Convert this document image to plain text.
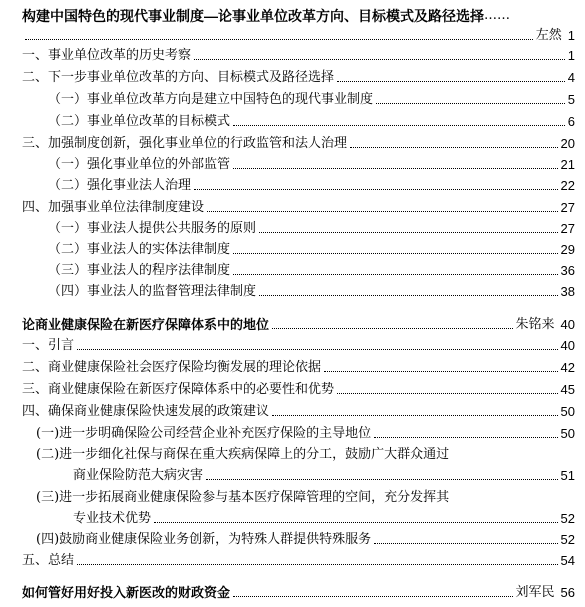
构建中国特色的现代事业制度—论事业单位改革方向、目标模式及路径选择 ……
左然 1
一、事业单位改革的历史考察	1
二、下一步事业单位改革的方向、目标模式及路径选择	4
（一）事业单位改革方向是建立中国特色的现代事业制度	5
（二）事业单位改革的目标模式	6
三、加强制度创新，强化事业单位的行政监管和法人治理	20
（一）强化事业单位的外部监管	21
（二）强化事业法人治理	22
四、加强事业单位法律制度建设	27
（一）事业法人提供公共服务的原则	27
（二）事业法人的实体法律制度	29
（三）事业法人的程序法律制度	36
（四）事业法人的监督管理法律制度	38
论商业健康保险在新医疗保障体系中的地位	朱铭来 40
一、引言	40
二、商业健康保险社会医疗保险均衡发展的理论依据	42
三、商业健康保险在新医疗保障体系中的必要性和优势	45
四、确保商业健康保险快速发展的政策建议	50
(一)进一步明确保险公司经营企业补充医疗保险的主导地位	50
(二)进一步细化社保与商保在重大疾病保障上的分工，鼓励广大群众通过
商业保险防范大病灾害	51
(三)进一步拓展商业健康保险参与基本医疗保障管理的空间，充分发挥其
专业技术优势	52
(四)鼓励商业健康保险业务创新，为特殊人群提供特殊服务	52
五、总结	54
如何管好用好投入新医改的财政资金	刘军民 56
